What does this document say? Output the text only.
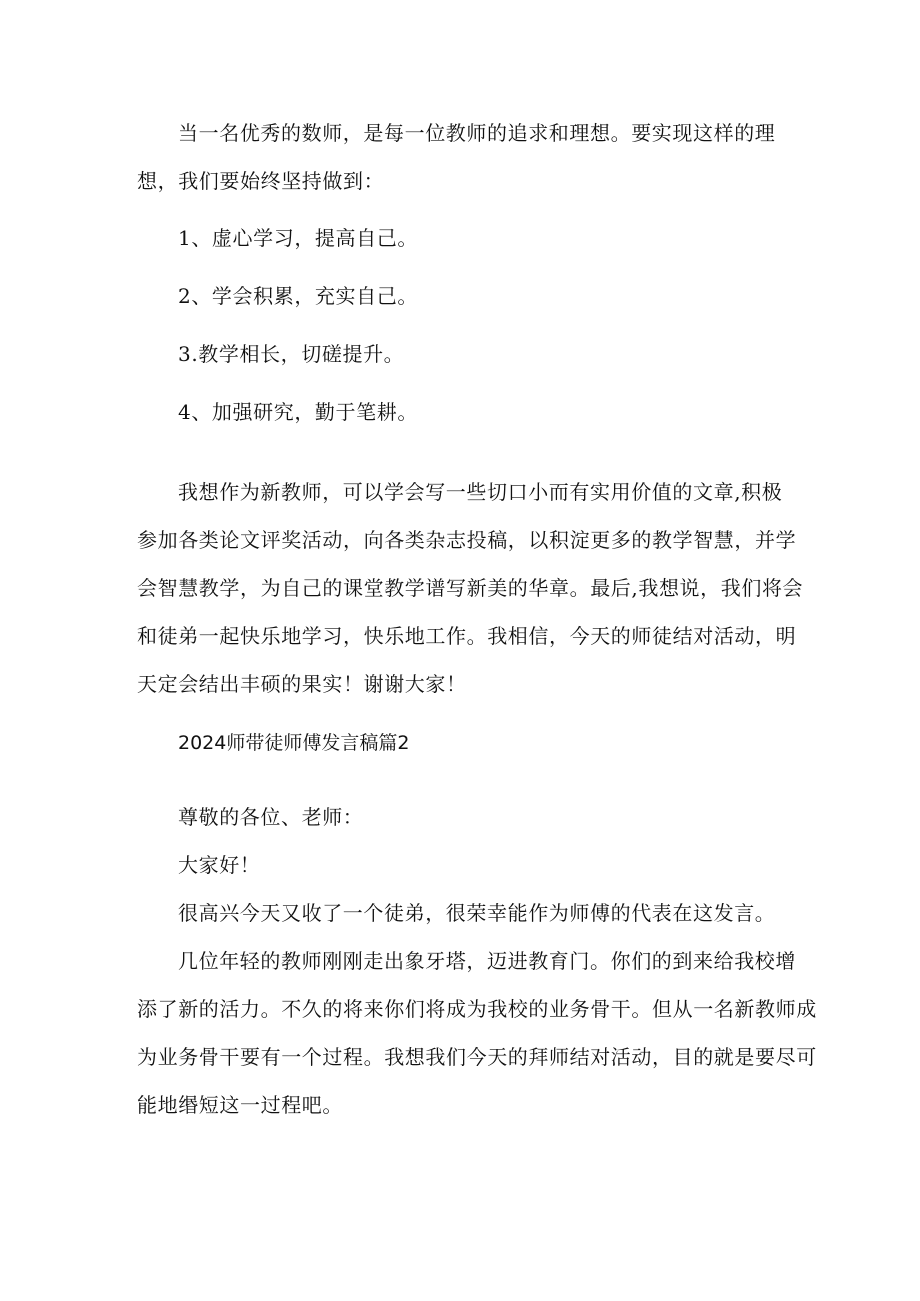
当一名优秀的数师，是每一位教师的追求和理想。要实现这样的理
想，我们要始终坚持做到：
1、虚心学习，提高自己。
2、学会积累，充实自己。
3.教学相长，切磋提升。
4、加强研究，勤于笔耕。
我想作为新教师，可以学会写一些切口小而有实用价值的文章,积极
参加各类论文评奖活动，向各类杂志投稿，以积淀更多的教学智慧，并学
会智慧教学，为自己的课堂教学谱写新美的华章。最后,我想说，我们将会
和徒弟一起快乐地学习，快乐地工作。我相信，今天的师徒结对活动，明
天定会结出丰硕的果实！谢谢大家！
2024师带徒师傅发言稿篇2
尊敬的各位、老师：
大家好！
很高兴今天又收了一个徒弟，很荣幸能作为师傅的代表在这发言。
几位年轻的教师刚刚走出象牙塔，迈进教育门。你们的到来给我校增
添了新的活力。不久的将来你们将成为我校的业务骨干。但从一名新教师成
为业务骨干要有一个过程。我想我们今天的拜师结对活动，目的就是要尽可
能地缗短这一过程吧。
